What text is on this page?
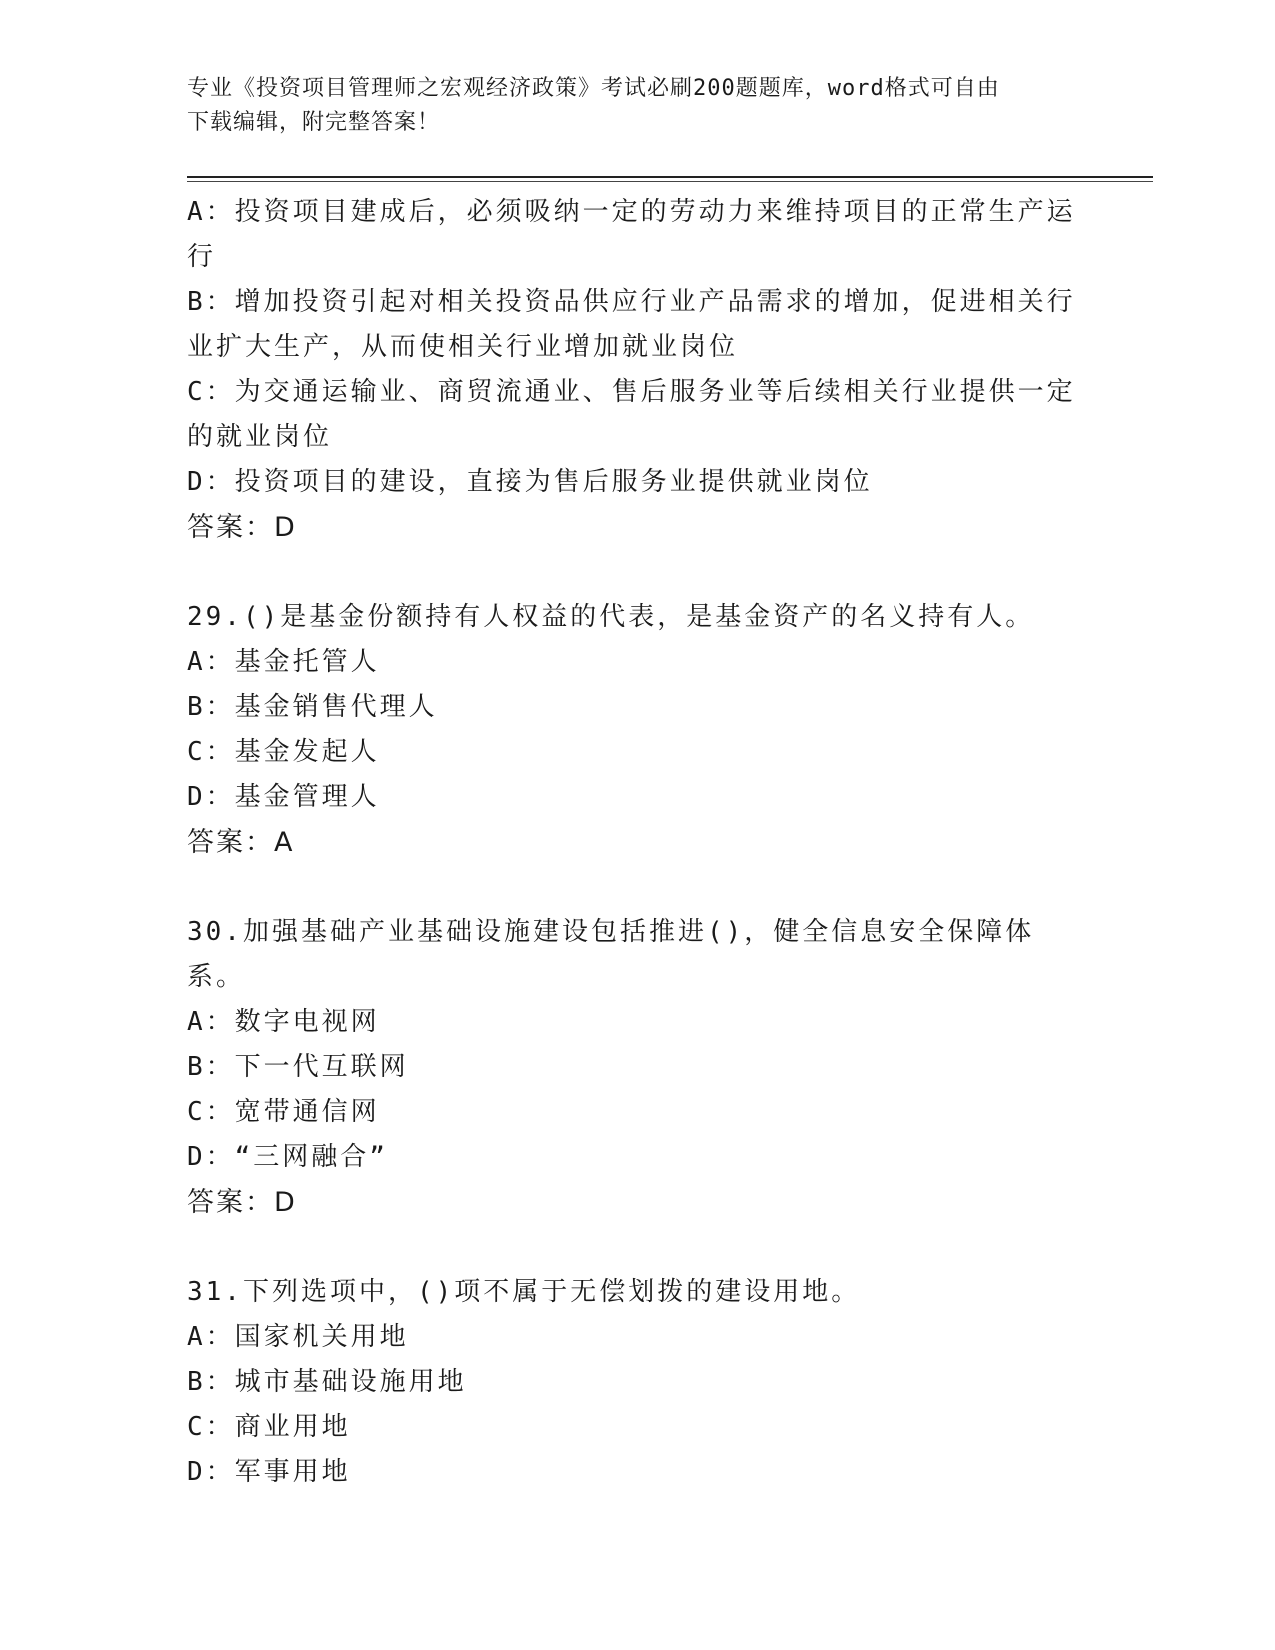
专业《投资项目管理师之宏观经济政策》考试必刷200题题库，word格式可自由
下载编辑，附完整答案！
A：投资项目建成后，必须吸纳一定的劳动力来维持项目的正常生产运
行
B：增加投资引起对相关投资品供应行业产品需求的增加，促进相关行
业扩大生产，从而使相关行业增加就业岗位
C：为交通运输业、商贸流通业、售后服务业等后续相关行业提供一定
的就业岗位
D：投资项目的建设，直接为售后服务业提供就业岗位
答案：D
29.()是基金份额持有人权益的代表，是基金资产的名义持有人。
A：基金托管人
B：基金销售代理人
C：基金发起人
D：基金管理人
答案：A
30.加强基础产业基础设施建设包括推进()，健全信息安全保障体系。
A：数字电视网
B：下一代互联网
C：宽带通信网
D：“三网融合”
答案：D
31.下列选项中，()项不属于无偿划拨的建设用地。
A：国家机关用地
B：城市基础设施用地
C：商业用地
D：军事用地
